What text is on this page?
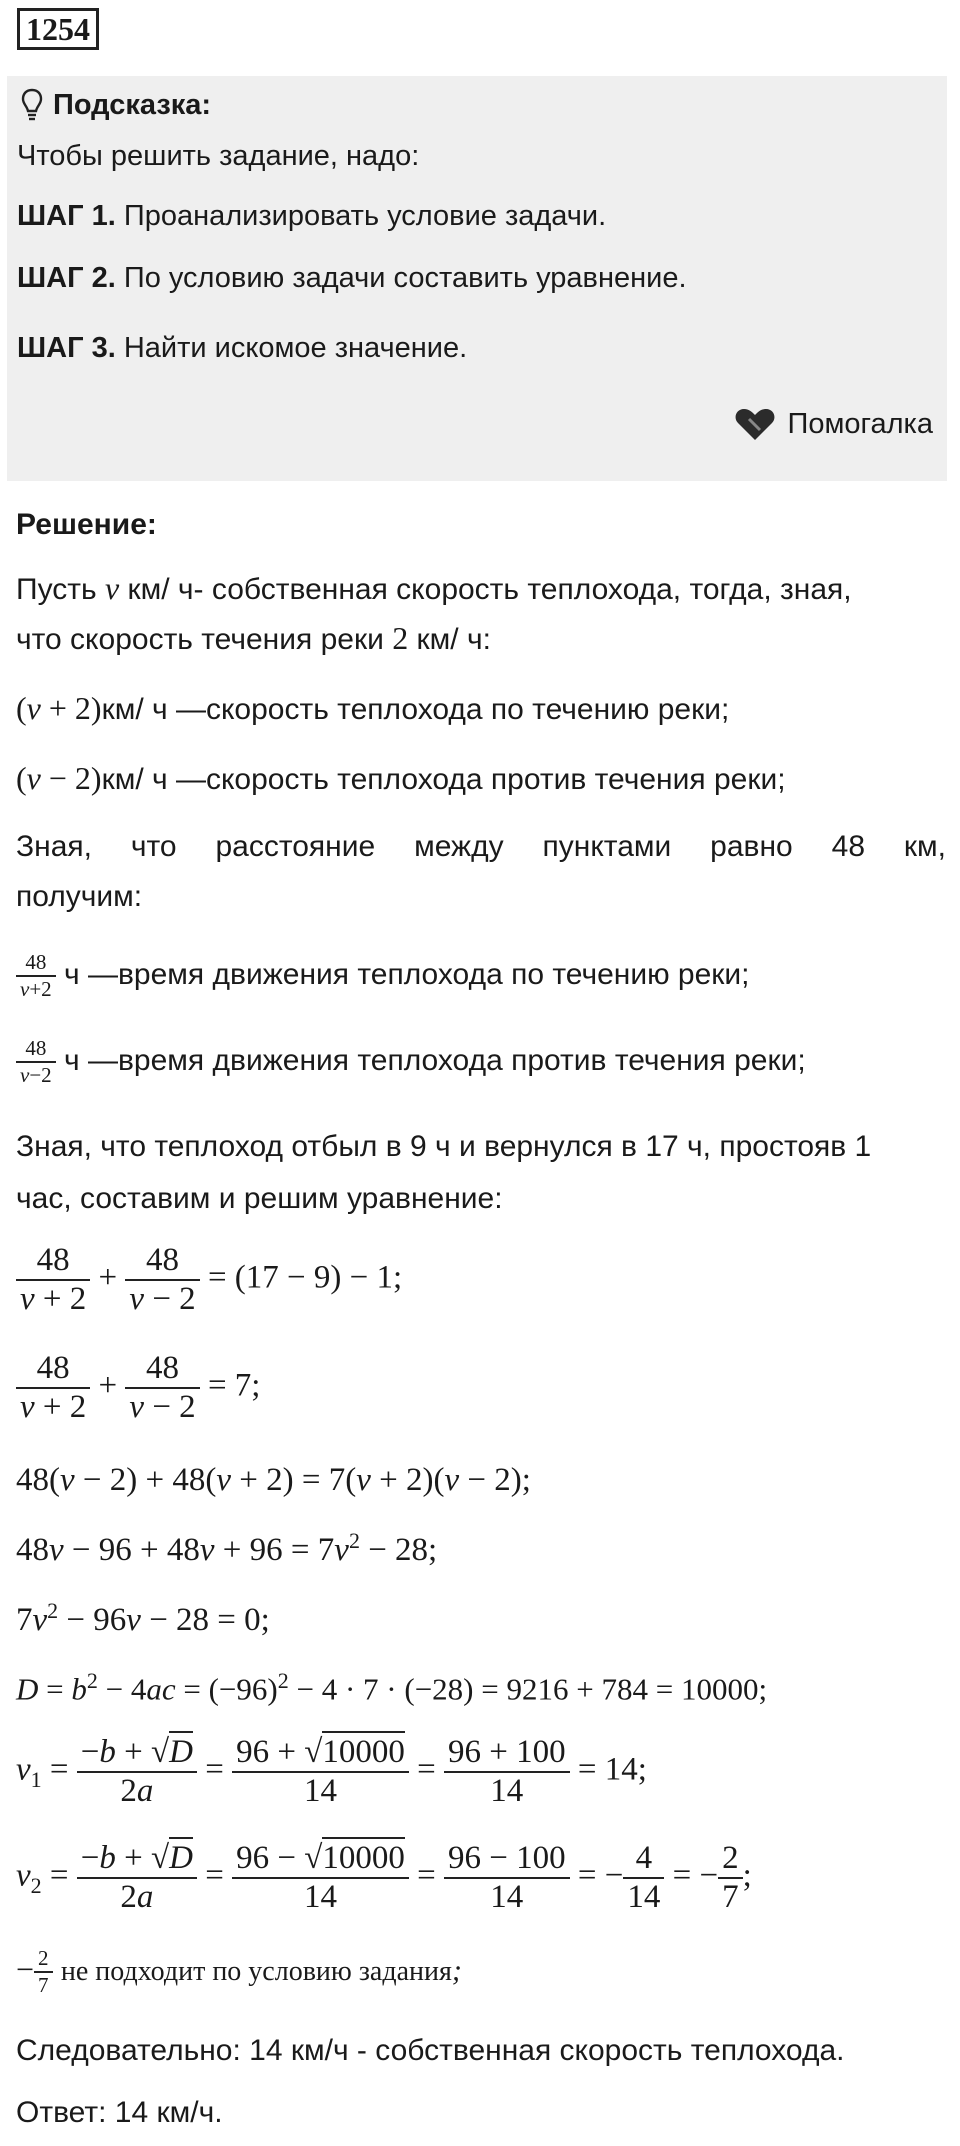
1254
Подсказка:
Чтобы решить задание, надо:
ШАГ 1. Проанализировать условие задачи.
ШАГ 2. По условию задачи составить уравнение.
ШАГ 3. Найти искомое значение.
Помогалка
Решение:
Пусть v км/ ч- собственная скорость теплохода, тогда, зная,
что скорость течения реки 2 км/ ч:
(v + 2)км/ ч —скорость теплохода по течению реки;
(v − 2)км/ ч —скорость теплохода против течения реки;
Зная, что расстояние между пунктами равно 48 км,
получим:
$\frac{48}{v+2}$ ч —время движения теплохода по течению реки;
$\frac{48}{v-2}$ ч —время движения теплохода против течения реки;
Зная, что теплоход отбыл в 9 ч и вернулся в 17 ч, простояв 1
час, составим и решим уравнение:
$\frac{48}{v + 2} + \frac{48}{v - 2} = (17 - 9) - 1$;
$\frac{48}{v + 2} + \frac{48}{v - 2} = 7$;
48(v − 2) + 48(v + 2) = 7(v + 2)(v − 2);
$48v - 96 + 48v + 96 = 7v^2 - 28$;
$7v^2 - 96v - 28 = 0$;
$D = b^2 - 4ac = (-96)^2 - 4 \cdot 7 \cdot (-28) = 9216 + 784 = 10000$;
$v_1 = \frac{-b + √D}{2a} = \frac{96 + √10000}{14} = \frac{96 + 100}{14} = 14$;
$v_2 = \frac{-b + √D}{2a} = \frac{96 - √10000}{14} = \frac{96 - 100}{14}$ = − $\frac{4}{14}$ = − $\frac{2}{7}$ ;
− $\frac{2}{7}$ не подходит по условию задания;
Следовательно: 14 км/ч - собственная скорость теплохода.
Ответ: 14 км/ч.
